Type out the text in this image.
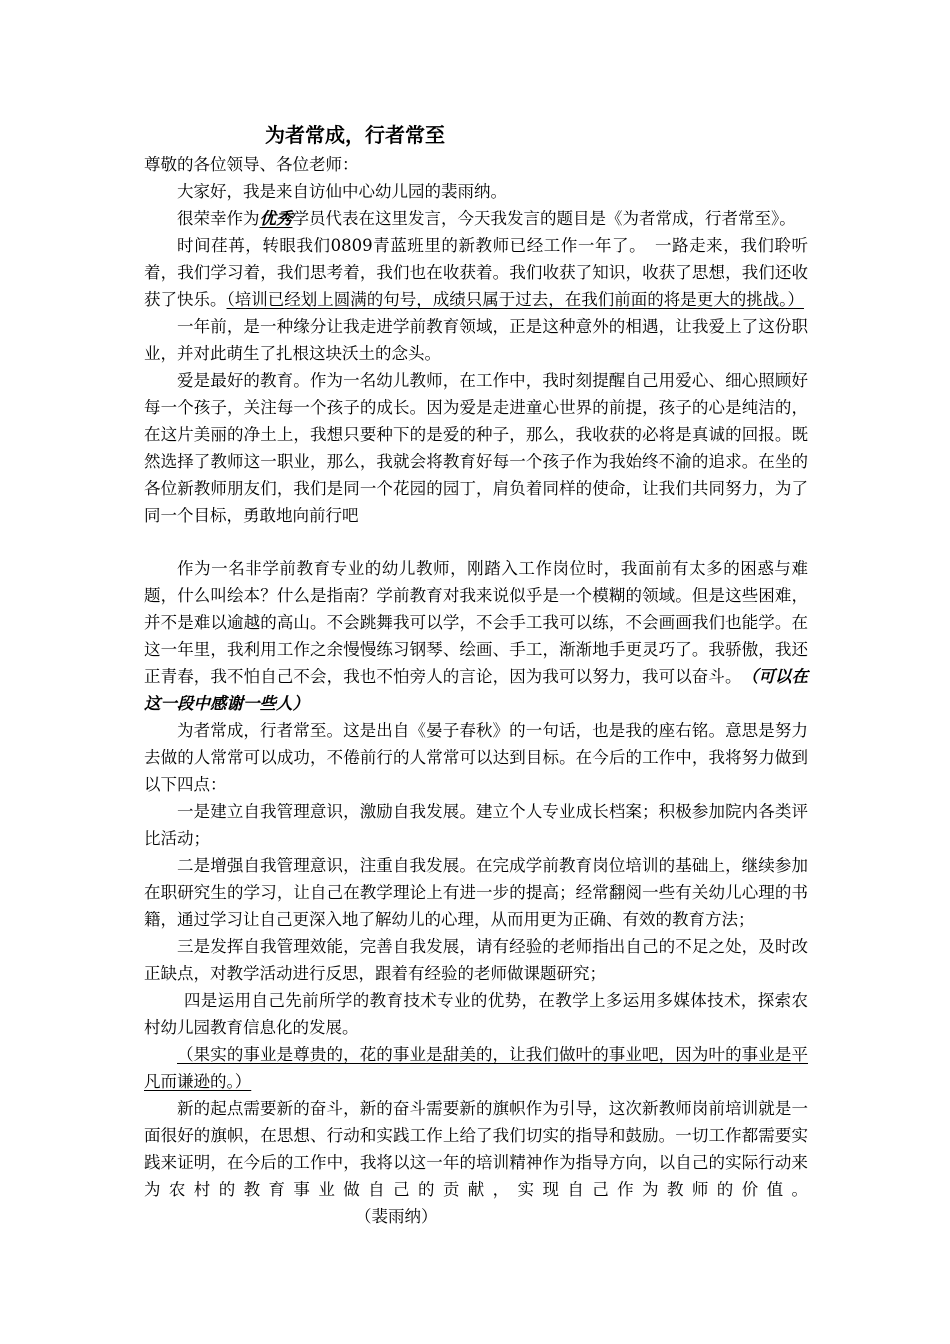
为者常成，行者常至

尊敬的各位领导、各位老师：

大家好，我是来自访仙中心幼儿园的裴雨纳。

很荣幸作为优秀学员代表在这里发言，今天我发言的题目是《为者常成，行者常至》。

时间荏苒，转眼我们0809青蓝班里的新教师已经工作一年了。　一路走来，我们聆听着，我们学习着，我们思考着，我们也在收获着。我们收获了知识，收获了思想，我们还收获了快乐。（培训已经划上圆满的句号，成绩只属于过去，在我们前面的将是更大的挑战。）

一年前，是一种缘分让我走进学前教育领域，正是这种意外的相遇，让我爱上了这份职业，并对此萌生了扎根这块沃土的念头。

爱是最好的教育。作为一名幼儿教师，在工作中，我时刻提醒自己用爱心、细心照顾好每一个孩子，关注每一个孩子的成长。因为爱是走进童心世界的前提，孩子的心是纯洁的，在这片美丽的净土上，我想只要种下的是爱的种子，那么，我收获的必将是真诚的回报。既然选择了教师这一职业，那么，我就会将教育好每一个孩子作为我始终不渝的追求。在坐的各位新教师朋友们，我们是同一个花园的园丁，肩负着同样的使命，让我们共同努力，为了同一个目标，勇敢地向前行吧

作为一名非学前教育专业的幼儿教师，刚踏入工作岗位时，我面前有太多的困惑与难题，什么叫绘本？什么是指南？学前教育对我来说似乎是一个模糊的领域。但是这些困难，并不是难以逾越的高山。不会跳舞我可以学，不会手工我可以练，不会画画我们也能学。在这一年里，我利用工作之余慢慢练习钢琴、绘画、手工，渐渐地手更灵巧了。我骄傲，我还正青春，我不怕自己不会，我也不怕旁人的言论，因为我可以努力，我可以奋斗。　 （可以在这一段中感谢一些人）

为者常成，行者常至。这是出自《晏子春秋》的一句话，也是我的座右铭。意思是努力去做的人常常可以成功，不倦前行的人常常可以达到目标。在今后的工作中，我将努力做到以下四点：

一是建立自我管理意识，激励自我发展。建立个人专业成长档案；积极参加院内各类评比活动；

二是增强自我管理意识，注重自我发展。在完成学前教育岗位培训的基础上，继续参加在职研究生的学习，让自己在教学理论上有进一步的提高；经常翻阅一些有关幼儿心理的书籍，通过学习让自己更深入地了解幼儿的心理，从而用更为正确、有效的教育方法；

三是发挥自我管理效能，完善自我发展，请有经验的老师指出自己的不足之处，及时改正缺点，对教学活动进行反思，跟着有经验的老师做课题研究；

四是运用自己先前所学的教育技术专业的优势，在教学上多运用多媒体技术，探索农村幼儿园教育信息化的发展。

（果实的事业是尊贵的，花的事业是甜美的，让我们做叶的事业吧，因为叶的事业是平凡而谦逊的。）

新的起点需要新的奋斗，新的奋斗需要新的旗帜作为引导，这次新教师岗前培训就是一面很好的旗帜，在思想、行动和实践工作上给了我们切实的指导和鼓励。一切工作都需要实践来证明，在今后的工作中，我将以这一年的培训精神作为指导方向，以自己的实际行动来为农村的教育事业做自己的贡献，实现自己作为教师的价值。（裴雨纳）
